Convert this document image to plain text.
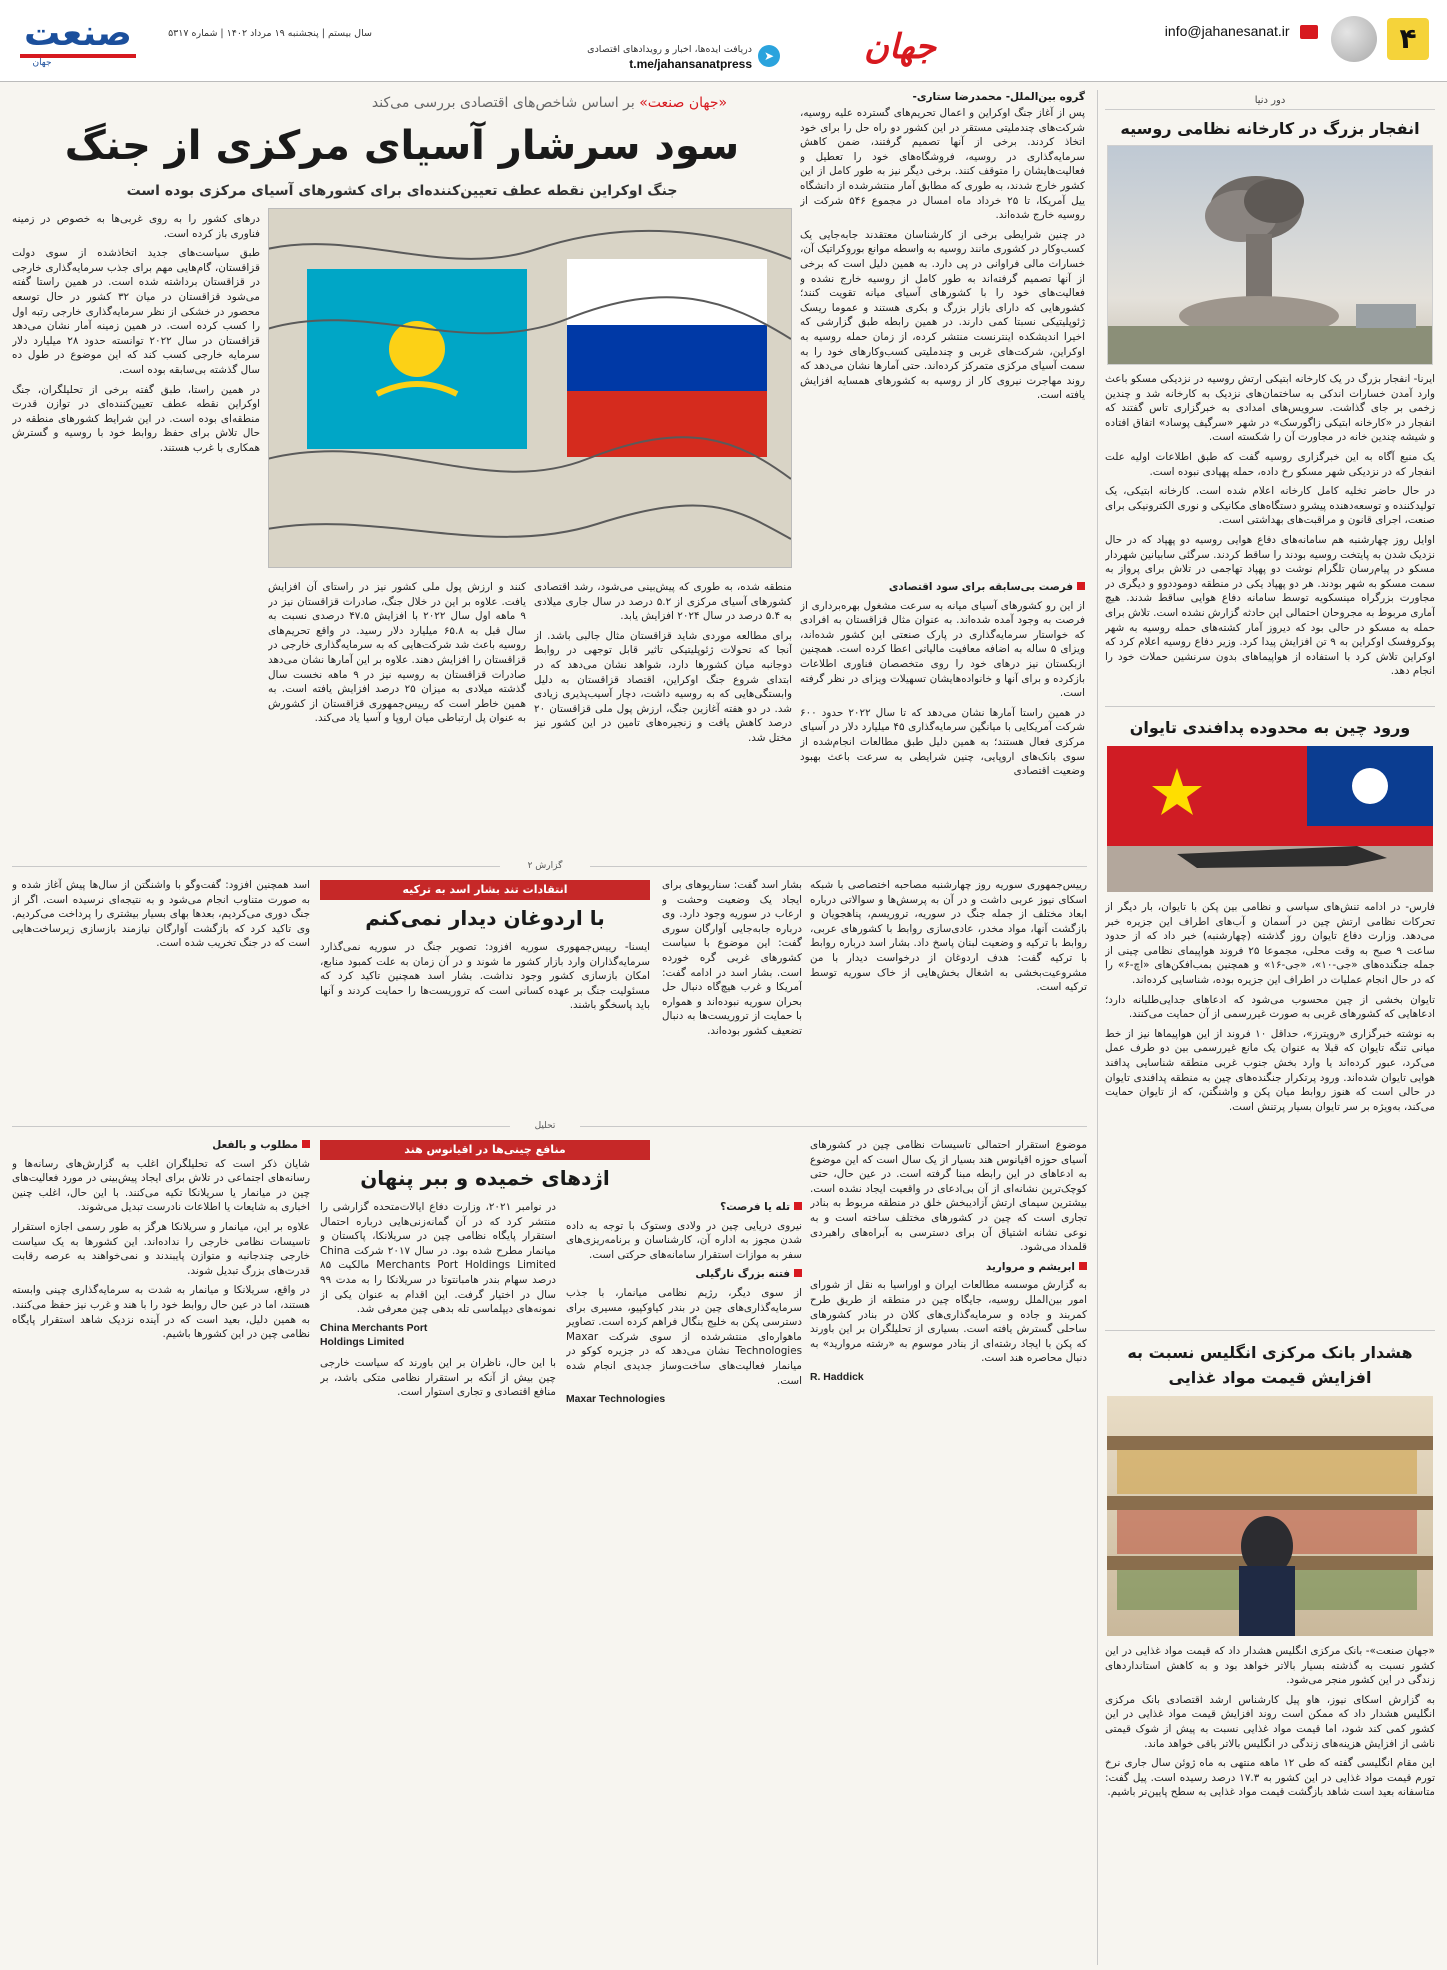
۴
info@jahanesanat.ir
جهان
➤
دریافت ایده‌ها، اخبار و رویدادهای اقتصادی
t.me/jahansanatpress
سال بیستم | پنجشنبه ۱۹ مرداد ۱۴۰۲ | شماره ۵۳۱۷
صنعت
جهان
دور دنیا
انفجار بزرگ در کارخانه نظامی روسیه

ایرنا- انفجار بزرگ در یک کارخانه ابتیکی ارتش روسیه در نزدیکی مسکو باعث وارد آمدن خسارات اندکی به ساختمان‌های نزدیک به کارخانه شد و چندین زخمی بر جای گذاشت. سرویس‌های امدادی به خبرگزاری تاس گفتند که انفجار در «کارخانه ابتیکی زاگورسک» در شهر «سرگیف پوساد» اتفاق افتاده و شیشه چندین خانه در مجاورت آن را شکسته است.

یک منبع آگاه به این خبرگزاری روسیه گفت که طبق اطلاعات اولیه علت انفجار که در نزدیکی شهر مسکو رخ داده، حمله پهپادی نبوده است.

در حال حاضر تخلیه کامل کارخانه اعلام شده است. کارخانه ابتیکی، یک تولیدکننده و توسعه‌دهنده پیشرو دستگاه‌های مکانیکی و نوری الکترونیکی برای صنعت، اجرای قانون و مراقبت‌های بهداشتی است.

اوایل روز چهارشنبه هم سامانه‌های دفاع هوایی روسیه دو پهپاد که در حال نزدیک شدن به پایتخت روسیه بودند را ساقط کردند. سرگئی سابیانین شهردار مسکو در پیام‌رسان تلگرام نوشت دو پهپاد تهاجمی در تلاش برای پرواز به سمت مسکو به شهر بودند. هر دو پهپاد یکی در منطقه دوموددوو و دیگری در مجاورت بزرگراه مینسکویه توسط سامانه دفاع هوایی ساقط شدند. هیچ آماری مربوط به مجروحان احتمالی این حادثه گزارش نشده است. تلاش برای حمله به مسکو در حالی بود که دیروز آمار کشته‌های حمله روسیه به شهر پوکروفسک اوکراین به ۹ تن افزایش پیدا کرد. وزیر دفاع روسیه اعلام کرد که اوکراین تلاش کرد با استفاده از هواپیماهای بدون سرنشین حملات خود را انجام دهد.

ورود چین به محدوده پدافندی تایوان

فارس- در ادامه تنش‌های سیاسی و نظامی بین پکن با تایوان، بار دیگر از تحرکات نظامی ارتش چین در آسمان و آب‌های اطراف این جزیره خبر می‌دهد. وزارت دفاع تایوان روز گذشته (چهارشنبه) خبر داد که از حدود ساعت ۹ صبح به وقت محلی، مجموعا ۲۵ فروند هواپیمای نظامی چینی از جمله جنگنده‌های «جی-۱۰»، «جی-۱۶» و همچنین بمب‌افکن‌های «اچ-۶» را که در حال انجام عملیات در اطراف این جزیره بوده، شناسایی کرده‌اند.

تایوان بخشی از چین محسوب می‌شود که ادعاهای جدایی‌طلبانه دارد؛ ادعاهایی که کشورهای غربی به صورت غیررسمی از آن حمایت می‌کنند.

به نوشته خبرگزاری «رویترز»، حداقل ۱۰ فروند از این هواپیماها نیز از خط میانی تنگه تایوان که قبلا به عنوان یک مانع غیررسمی بین دو طرف عمل می‌کرد، عبور کرده‌اند یا وارد بخش جنوب غربی منطقه شناسایی پدافند هوایی تایوان شده‌اند. ورود پرتکرار جنگنده‌های چین به منطقه پدافندی تایوان در حالی است که هنوز روابط میان پکن و واشنگتن، که از تایوان حمایت می‌کند، به‌ویژه بر سر تایوان بسیار پرتنش است.

هشدار بانک مرکزی انگلیس نسبت به افزایش قیمت مواد غذایی

«جهان صنعت»- بانک مرکزی انگلیس هشدار داد که قیمت مواد غذایی در این کشور نسبت به گذشته بسیار بالاتر خواهد بود و به کاهش استانداردهای زندگی در این کشور منجر می‌شود.

به گزارش اسکای نیوز، هاو پیل کارشناس ارشد اقتصادی بانک مرکزی انگلیس هشدار داد که ممکن است روند افزایش قیمت مواد غذایی در این کشور کمی کند شود، اما قیمت مواد غذایی نسبت به پیش از شوک قیمتی ناشی از افزایش هزینه‌های زندگی در انگلیس بالاتر باقی خواهد ماند.

این مقام انگلیسی گفته که طی ۱۲ ماهه منتهی به ماه ژوئن سال جاری نرخ تورم قیمت مواد غذایی در این کشور به ۱۷.۳ درصد رسیده است. پیل گفت: متاسفانه بعید است شاهد بازگشت قیمت مواد غذایی به سطح پایین‌تر باشیم.

«جهان صنعت» بر اساس شاخص‌های اقتصادی بررسی می‌کند
سود سرشار آسیای مرکزی از جنگ
جنگ اوکراین نقطه عطف تعیین‌کننده‌ای برای کشورهای آسیای مرکزی بوده است
گروه بین‌الملل- محمدرضا ستاری-

پس از آغاز جنگ اوکراین و اعمال تحریم‌های گسترده علیه روسیه، شرکت‌های چندملیتی مستقر در این کشور دو راه حل را برای خود اتخاذ کردند. برخی از آنها تصمیم گرفتند، ضمن کاهش سرمایه‌گذاری در روسیه، فروشگاه‌های خود را تعطیل و فعالیت‌هایشان را متوقف کنند. برخی دیگر نیز به طور کامل از این کشور خارج شدند، به طوری که مطابق آمار منتشرشده از دانشگاه ییل آمریکا، تا ۲۵ خرداد ماه امسال در مجموع ۵۴۶ شرکت از روسیه خارج شده‌اند.

در چنین شرایطی برخی از کارشناسان معتقدند جابه‌جایی یک کسب‌وکار در کشوری مانند روسیه به واسطه موانع بوروکراتیک آن، خسارات مالی فراوانی در پی دارد. به همین دلیل است که برخی از آنها تصمیم گرفته‌اند به طور کامل از روسیه خارج نشده و فعالیت‌های خود را با کشورهای آسیای میانه تقویت کنند؛ کشورهایی که دارای بازار بزرگ و بکری هستند و عموما ریسک ژئوپلیتیکی نسبتا کمی دارند. در همین رابطه طبق گزارشی که اخیرا اندیشکده اینترنست منتشر کرده، از زمان حمله روسیه به اوکراین، شرکت‌های غربی و چندملیتی کسب‌وکارهای خود را به سمت آسیای مرکزی متمرکز کرده‌اند. حتی آمارها نشان می‌دهد که روند مهاجرت نیروی کار از روسیه به کشورهای همسایه افزایش یافته است.

فرصت بی‌سابقه برای سود اقتصادی

از این رو کشورهای آسیای میانه به سرعت مشغول بهره‌برداری از فرصت به وجود آمده شده‌اند. به عنوان مثال قزاقستان به افرادی که خواستار سرمایه‌گذاری در پارک صنعتی این کشور شده‌اند، ویزای ۵ ساله به اضافه معافیت مالیاتی اعطا کرده است. همچنین ازبکستان نیز درهای خود را روی متخصصان فناوری اطلاعات بازکرده و برای آنها و خانواده‌هایشان تسهیلات ویزای در نظر گرفته است.

در همین راستا آمارها نشان می‌دهد که تا سال ۲۰۲۲ حدود ۶۰۰ شرکت آمریکایی با میانگین سرمایه‌گذاری ۴۵ میلیارد دلار در آسیای مرکزی فعال هستند؛ به همین دلیل طبق مطالعات انجام‌شده از سوی بانک‌های اروپایی، چنین شرایطی به سرعت باعث بهبود وضعیت اقتصادی

منطقه شده، به طوری که پیش‌بینی می‌شود، رشد اقتصادی کشورهای آسیای مرکزی از ۵.۲ درصد در سال جاری میلادی به ۵.۴ درصد در سال ۲۰۲۴ افزایش یابد.

برای مطالعه موردی شاید قزاقستان مثال جالبی باشد. از آنجا که تحولات ژئوپلیتیکی تاثیر قابل توجهی در روابط دوجانبه میان کشورها دارد، شواهد نشان می‌دهد که در ابتدای شروع جنگ اوکراین، اقتصاد قزاقستان به دلیل وابستگی‌هایی که به روسیه داشت، دچار آسیب‌پذیری زیادی شد. در دو هفته آغازین جنگ، ارزش پول ملی قزاقستان ۲۰ درصد کاهش یافت و زنجیره‌های تامین در این کشور نیز مختل شد.

کنند و ارزش پول ملی کشور نیز در راستای آن افزایش یافت. علاوه بر این در خلال جنگ، صادرات قزاقستان نیز در ۹ ماهه اول سال ۲۰۲۲ با افزایش ۴۷.۵ درصدی نسبت به سال قبل به ۶۵.۸ میلیارد دلار رسید. در واقع تحریم‌های روسیه باعث شد شرکت‌هایی که به سرمایه‌گذاری خارجی در قزاقستان را افزایش دهند. علاوه بر این آمارها نشان می‌دهد صادرات قزاقستان به روسیه نیز در ۹ ماهه نخست سال گذشته میلادی به میزان ۲۵ درصد افزایش یافته است. به همین خاطر است که رییس‌جمهوری قزاقستان از کشورش به عنوان پل ارتباطی میان اروپا و آسیا یاد می‌کند.

درهای کشور را به روی غربی‌ها به خصوص در زمینه فناوری باز کرده است.

طبق سیاست‌های جدید اتخاذشده از سوی دولت قزاقستان، گام‌هایی مهم برای جذب سرمایه‌گذاری خارجی در قزاقستان برداشته شده است. در همین راستا گفته می‌شود قزاقستان در میان ۳۲ کشور در حال توسعه محصور در خشکی از نظر سرمایه‌گذاری خارجی رتبه اول را کسب کرده است. در همین زمینه آمار نشان می‌دهد قزاقستان در سال ۲۰۲۲ توانسته حدود ۲۸ میلیارد دلار سرمایه خارجی کسب کند که این موضوع در طول ده سال گذشته بی‌سابقه بوده است.

در همین راستا، طبق گفته برخی از تحلیلگران، جنگ اوکراین نقطه عطف تعیین‌کننده‌ای در توازن قدرت منطقه‌ای بوده است. در این شرایط کشورهای منطقه در حال تلاش برای حفظ روابط خود با روسیه و گسترش همکاری با غرب هستند.

گزارش ۲
انتقادات تند بشار اسد به ترکیه
با اردوغان دیدار نمی‌کنم

رییس‌جمهوری سوریه روز چهارشنبه مصاحبه اختصاصی با شبکه اسکای نیوز عربی داشت و در آن به پرسش‌ها و سوالاتی درباره ابعاد مختلف از جمله جنگ در سوریه، تروریسم، پناهجویان و بازگشت آنها، مواد مخدر، عادی‌سازی روابط با کشورهای عربی، روابط با ترکیه و وضعیت لبنان پاسخ داد. بشار اسد درباره روابط با ترکیه گفت: هدف اردوغان از درخواست دیدار با من مشروعیت‌بخشی به اشغال بخش‌هایی از خاک سوریه توسط ترکیه است.

بشار اسد گفت: سناریوهای برای ایجاد یک وضعیت وحشت و ارعاب در سوریه وجود دارد. وی درباره جابه‌جایی آوارگان سوری گفت: این موضوع با سیاست کشورهای غربی گره خورده است. بشار اسد در ادامه گفت: آمریکا و غرب هیچ‌گاه دنبال حل بحران سوریه نبوده‌اند و همواره با حمایت از تروریست‌ها به دنبال تضعیف کشور بوده‌اند.

ایسنا- رییس‌جمهوری سوریه افزود: تصویر جنگ در سوریه نمی‌گذارد سرمایه‌گذاران وارد بازار کشور ما شوند و در آن زمان به علت کمبود منابع، امکان بازسازی کشور وجود نداشت. بشار اسد همچنین تاکید کرد که مسئولیت جنگ بر عهده کسانی است که تروریست‌ها را حمایت کردند و آنها باید پاسخگو باشند.

اسد همچنین افزود: گفت‌وگو با واشنگتن از سال‌ها پیش آغاز شده و به صورت متناوب انجام می‌شود و به نتیجه‌ای نرسیده است. اگر از جنگ دوری می‌کردیم، بعدها بهای بسیار بیشتری را پرداخت می‌کردیم. وی تاکید کرد که بازگشت آوارگان نیازمند بازسازی زیرساخت‌هایی است که در جنگ تخریب شده است.

تحلیل
منافع چینی‌ها در اقیانوس هند
اژدهای خمیده و ببر پنهان

موضوع استقرار احتمالی تاسیسات نظامی چین در کشورهای آسیای حوزه اقیانوس هند بسیار از یک سال است که این موضوع به ادعاهای در این رابطه مبنا گرفته است. در عین حال، حتی کوچک‌ترین نشانه‌ای از آن بی‌ادعای در واقعیت ایجاد نشده است. بیشترین سیمای ارتش آزادیبخش خلق در منطقه مربوط به بنادر تجاری است که چین در کشورهای مختلف ساخته است و به نوعی نشانه اشتیاق آن برای دسترسی به آبراه‌های راهبردی قلمداد می‌شود.

ابریشم و مروارید

به گزارش موسسه مطالعات ایران و اوراسیا به نقل از شورای امور بین‌الملل روسیه، جایگاه چین در منطقه از طریق طرح کمربند و جاده و سرمایه‌گذاری‌های کلان در بنادر کشورهای ساحلی گسترش یافته است. بسیاری از تحلیلگران بر این باورند که پکن با ایجاد رشته‌ای از بنادر موسوم به «رشته مروارید» به دنبال محاصره هند است.

R. Haddick

تله یا فرصت؟

نیروی دریایی چین در ولادی وستوک با توجه به داده شدن مجوز به اداره آن، کارشناسان و برنامه‌ریزی‌های سفر به موازات استقرار سامانه‌های حرکتی است.

فتنه بزرگ نارگیلی

از سوی دیگر، رژیم نظامی میانمار، با جذب سرمایه‌گذاری‌های چین در بندر کیاوکپیو، مسیری برای دسترسی پکن به خلیج بنگال فراهم کرده است. تصاویر ماهواره‌ای منتشرشده از سوی شرکت Maxar Technologies نشان می‌دهد که در جزیره کوکو در میانمار فعالیت‌های ساخت‌وساز جدیدی انجام شده است.

Maxar Technologies

در نوامبر ۲۰۲۱، وزارت دفاع ایالات‌متحده گزارشی را منتشر کرد که در آن گمانه‌زنی‌هایی درباره احتمال استقرار پایگاه نظامی چین در سریلانکا، پاکستان و میانمار مطرح شده بود. در سال ۲۰۱۷ شرکت China Merchants Port Holdings Limited مالکیت ۸۵ درصد سهام بندر هامبانتوتا در سریلانکا را به مدت ۹۹ سال در اختیار گرفت. این اقدام به عنوان یکی از نمونه‌های دیپلماسی تله بدهی چین معرفی شد.

China Merchants Port

Holdings Limited

با این حال، ناظران بر این باورند که سیاست خارجی چین بیش از آنکه بر استقرار نظامی متکی باشد، بر منافع اقتصادی و تجاری استوار است.

مطلوب و بالفعل

شایان ذکر است که تحلیلگران اغلب به گزارش‌های رسانه‌ها و رسانه‌های اجتماعی در تلاش برای ایجاد پیش‌بینی در مورد فعالیت‌های چین در میانمار یا سریلانکا تکیه می‌کنند. با این حال، اغلب چنین اخباری به شایعات یا اطلاعات نادرست تبدیل می‌شوند.

علاوه بر این، میانمار و سریلانکا هرگز به طور رسمی اجازه استقرار تاسیسات نظامی خارجی را نداده‌اند. این کشورها به یک سیاست خارجی چندجانبه و متوازن پایبندند و نمی‌خواهند به عرصه رقابت قدرت‌های بزرگ تبدیل شوند.

در واقع، سریلانکا و میانمار به شدت به سرمایه‌گذاری چینی وابسته هستند، اما در عین حال روابط خود را با هند و غرب نیز حفظ می‌کنند. به همین دلیل، بعید است که در آینده نزدیک شاهد استقرار پایگاه نظامی چین در این کشورها باشیم.
